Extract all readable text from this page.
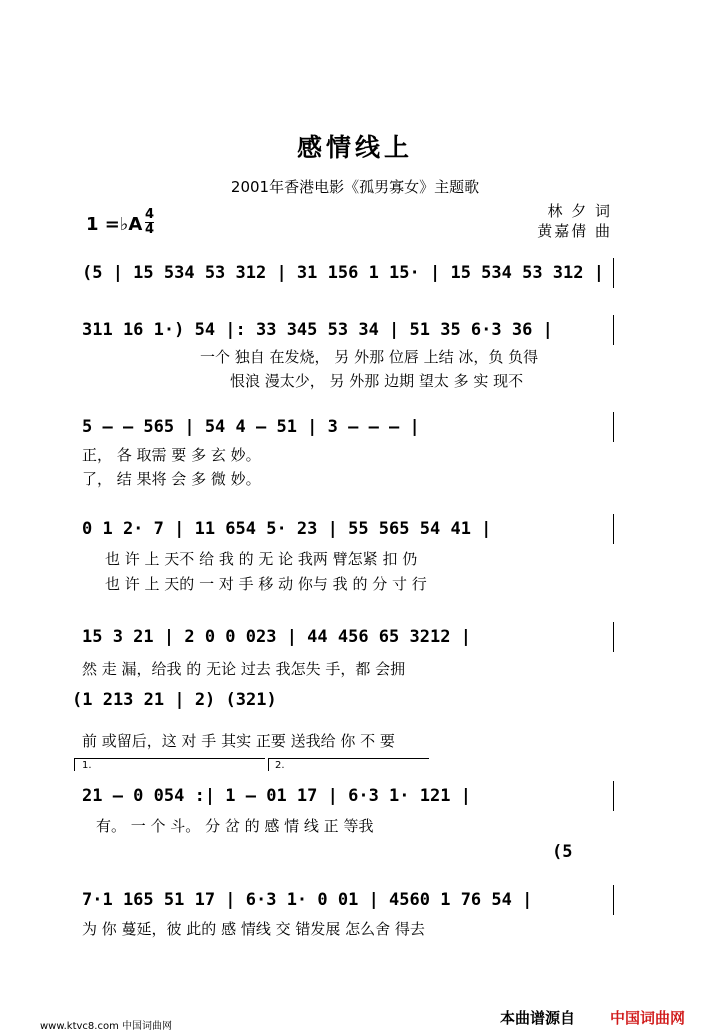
感情线上
2001年香港电影《孤男寡女》主题歌
林 夕 词
黄嘉倩 曲
1 =♭A 4
4
(5 | 15 534 53 312 | 31 156 1 15· | 15 534 53 312 |
311 16 1·) 54 |: 33 345 53 34 | 51 35 6·3 36 |
一个 独自 在发烧， 另 外那 位唇 上结 冰，负 负得
恨浪 漫太少， 另 外那 边期 望太 多 实 现不
5 – – 565 | 54 4 – 51 | 3 – – – |
正， 各 取需 要 多 玄 妙。
了， 结 果将 会 多 微 妙。
0 1 2· 7 | 11 654 5· 23 | 55 565 54 41 |
也 许 上 天不 给 我 的 无 论 我两 臂怎紧 扣 仍
也 许 上 天的 一 对 手 移 动 你与 我 的 分 寸 行
15 3 21 | 2 0 0 023 | 44 456 65 3212 |
然 走 漏，给我 的 无论 过去 我怎失 手，都 会拥
(1 213 21 | 2) (321)
前 或留后，这 对 手 其实 正要 送我给 你 不 要
1.	2.
21 – 0 054 :| 1 – 01 17 | 6·3 1· 121 |
有。 一 个 斗。 分 岔 的 感 情 线 正 等我
(5
7·1 165 51 17 | 6·3 1· 0 01 | 4560 1 76 54 |
为 你 蔓延，彼 此的 感 情线 交 错发展 怎么舍 得去
www.ktvc8.com 中国词曲网	本曲谱源自 中国词曲网
